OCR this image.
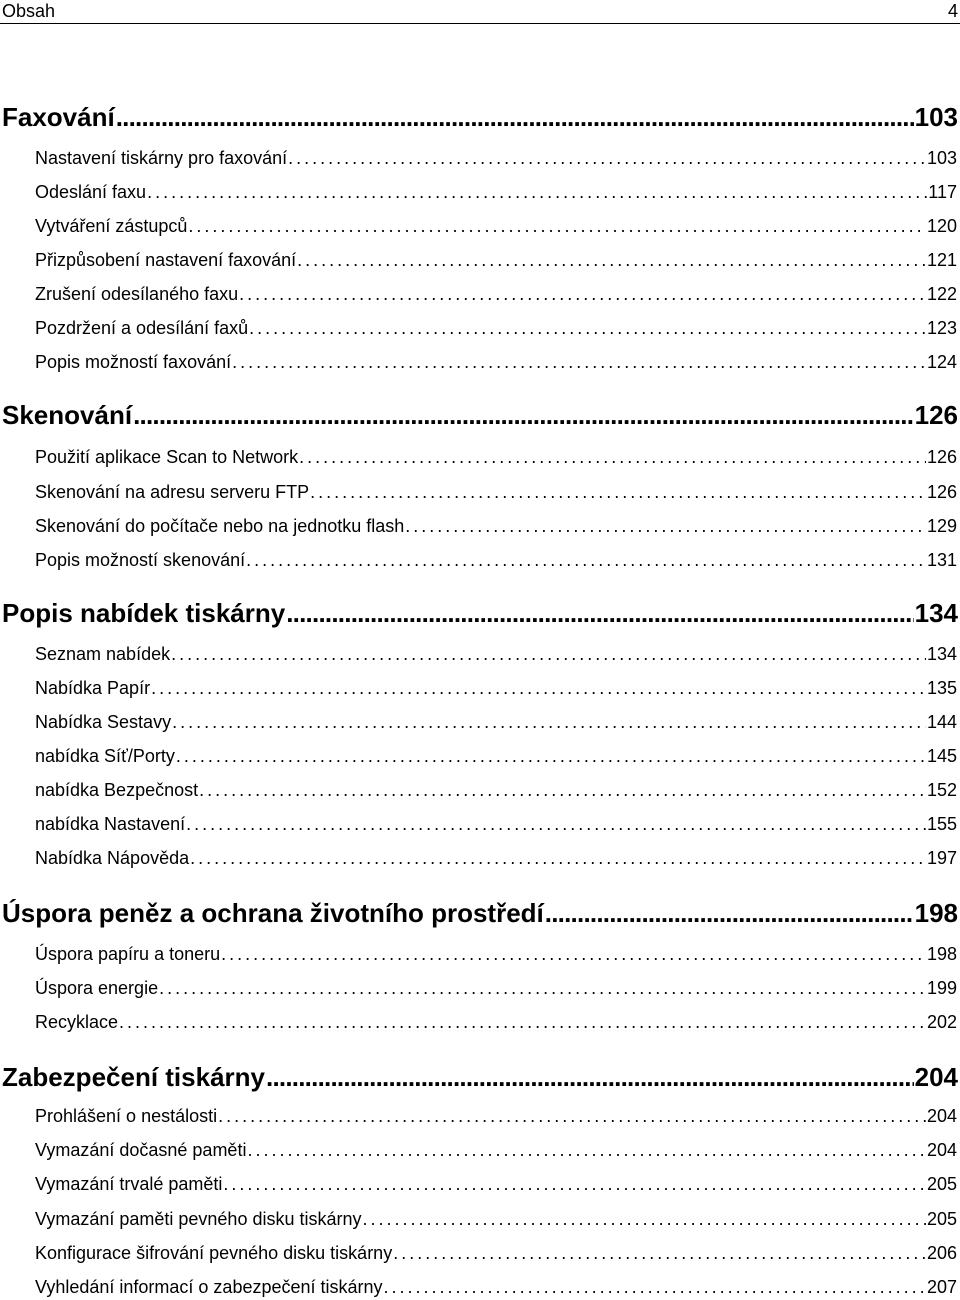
Obsah	4
Faxování . . .	103
Nastavení tiskárny pro faxování . . .	103
Odeslání faxu . . .	117
Vytváření zástupců . . .	120
Přizpůsobení nastavení faxování . . .	121
Zrušení odesílaného faxu . . .	122
Pozdržení a odesílání faxů . . .	123
Popis možností faxování . . .	124
Skenování . . .	126
Použití aplikace Scan to Network . . .	126
Skenování na adresu serveru FTP . . .	126
Skenování do počítače nebo na jednotku flash . . .	129
Popis možností skenování . . .	131
Popis nabídek tiskárny . . .	134
Seznam nabídek . . .	134
Nabídka Papír . . .	135
Nabídka Sestavy . . .	144
nabídka Síť/Porty . . .	145
nabídka Bezpečnost . . .	152
nabídka Nastavení . . .	155
Nabídka Nápověda . . .	197
Úspora peněz a ochrana životního prostředí . . .	198
Úspora papíru a toneru . . .	198
Úspora energie . . .	199
Recyklace . . .	202
Zabezpečení tiskárny . . .	204
Prohlášení o nestálosti . . .	204
Vymazání dočasné paměti . . .	204
Vymazání trvalé paměti . . .	205
Vymazání paměti pevného disku tiskárny . . .	205
Konfigurace šifrování pevného disku tiskárny . . .	206
Vyhledání informací o zabezpečení tiskárny . . .	207
